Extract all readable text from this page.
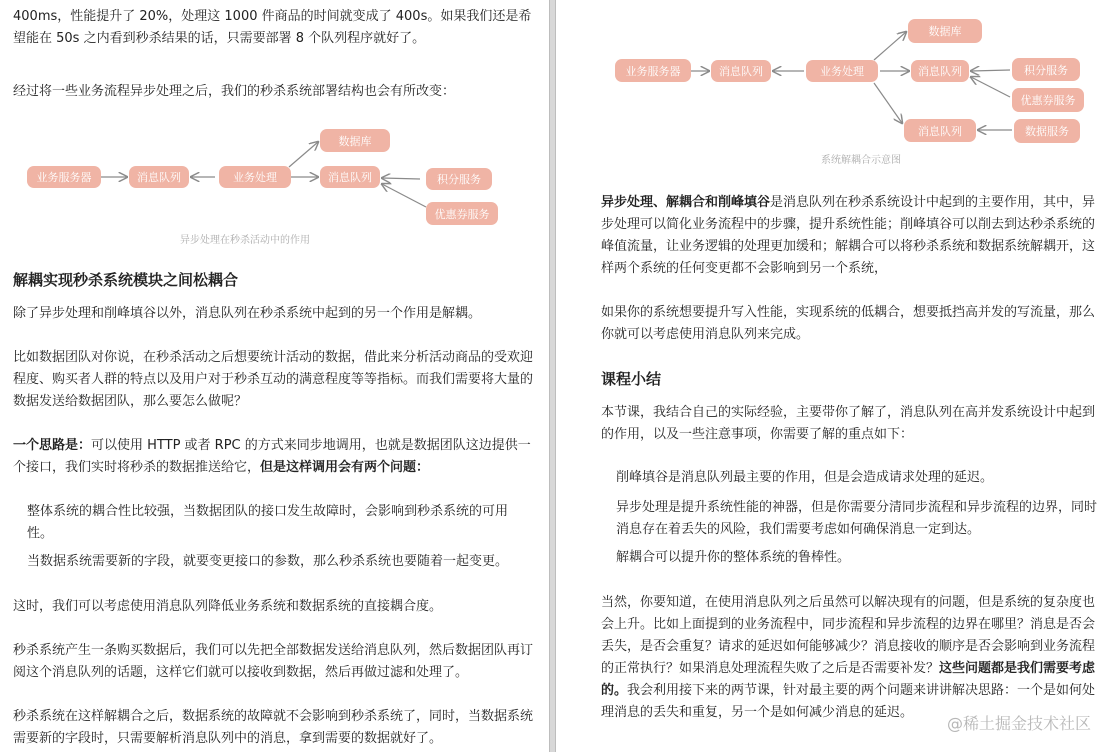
400ms，性能提升了 20%，处理这 1000 件商品的时间就变成了 400s。如果我们还是希望能在 50s 之内看到秒杀结果的话，只需要部署 8 个队列程序就好了。

经过将一些业务流程异步处理之后，我们的秒杀系统部署结构也会有所改变：

业务服务器	消息队列	业务处理
数据库
消息队列	积分服务
优惠券服务
异步处理在秒杀活动中的作用
解耦实现秒杀系统模块之间松耦合

除了异步处理和削峰填谷以外，消息队列在秒杀系统中起到的另一个作用是解耦。

比如数据团队对你说，在秒杀活动之后想要统计活动的数据，借此来分析活动商品的受欢迎程度、购买者人群的特点以及用户对于秒杀互动的满意程度等等指标。而我们需要将大量的数据发送给数据团队，那么要怎么做呢？

一个思路是：可以使用 HTTP 或者 RPC 的方式来同步地调用，也就是数据团队这边提供一个接口，我们实时将秒杀的数据推送给它，但是这样调用会有两个问题：

整体系统的耦合性比较强，当数据团队的接口发生故障时，会影响到秒杀系统的可用性。

当数据系统需要新的字段，就要变更接口的参数，那么秒杀系统也要随着一起变更。

这时，我们可以考虑使用消息队列降低业务系统和数据系统的直接耦合度。

秒杀系统产生一条购买数据后，我们可以先把全部数据发送给消息队列，然后数据团队再订阅这个消息队列的话题，这样它们就可以接收到数据，然后再做过滤和处理了。

秒杀系统在这样解耦合之后，数据系统的故障就不会影响到秒杀系统了，同时，当数据系统需要新的字段时，只需要解析消息队列中的消息，拿到需要的数据就好了。

业务服务器	消息队列	业务处理
数据库
消息队列	积分服务
优惠券服务
消息队列	数据服务
系统解耦合示意图

异步处理、解耦合和削峰填谷是消息队列在秒杀系统设计中起到的主要作用，其中，异步处理可以简化业务流程中的步骤，提升系统性能；削峰填谷可以削去到达秒杀系统的峰值流量，让业务逻辑的处理更加缓和；解耦合可以将秒杀系统和数据系统解耦开，这样两个系统的任何变更都不会影响到另一个系统，

如果你的系统想要提升写入性能，实现系统的低耦合，想要抵挡高并发的写流量，那么你就可以考虑使用消息队列来完成。

课程小结

本节课，我结合自己的实际经验，主要带你了解了，消息队列在高并发系统设计中起到的作用，以及一些注意事项，你需要了解的重点如下：

削峰填谷是消息队列最主要的作用，但是会造成请求处理的延迟。

异步处理是提升系统性能的神器，但是你需要分清同步流程和异步流程的边界，同时消息存在着丢失的风险，我们需要考虑如何确保消息一定到达。

解耦合可以提升你的整体系统的鲁棒性。

当然，你要知道，在使用消息队列之后虽然可以解决现有的问题，但是系统的复杂度也会上升。比如上面提到的业务流程中，同步流程和异步流程的边界在哪里？消息是否会丢失，是否会重复？请求的延迟如何能够减少？消息接收的顺序是否会影响到业务流程的正常执行？如果消息处理流程失败了之后是否需要补发？这些问题都是我们需要考虑的。我会利用接下来的两节课，针对最主要的两个问题来讲讲解决思路：一个是如何处理消息的丢失和重复，另一个是如何减少消息的延迟。

@稀土掘金技术社区
